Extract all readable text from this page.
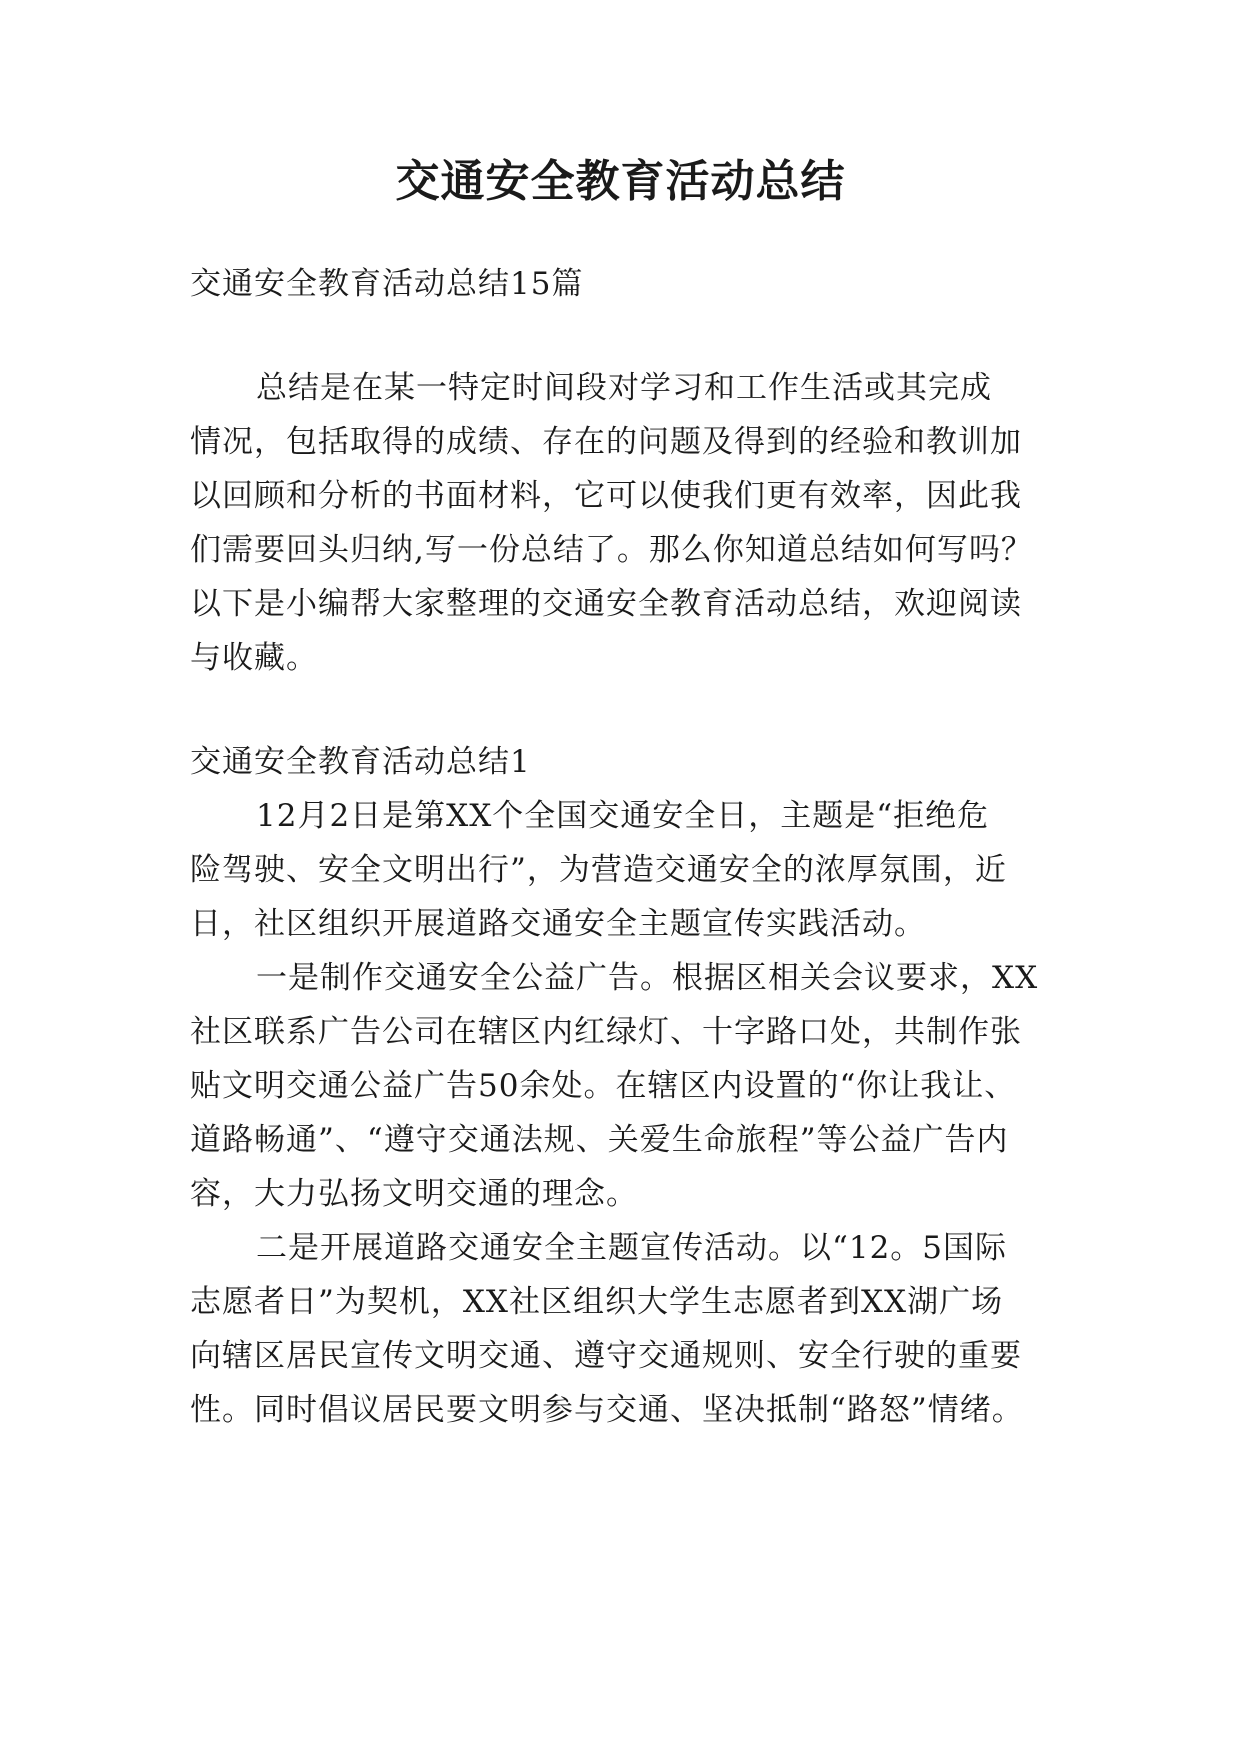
交通安全教育活动总结
交通安全教育活动总结15篇
总结是在某一特定时间段对学习和工作生活或其完成
情况，包括取得的成绩、存在的问题及得到的经验和教训加
以回顾和分析的书面材料，它可以使我们更有效率，因此我
们需要回头归纳,写一份总结了。那么你知道总结如何写吗？
以下是小编帮大家整理的交通安全教育活动总结，欢迎阅读
与收藏。
交通安全教育活动总结1
12月2日是第XX个全国交通安全日，主题是“拒绝危
险驾驶、安全文明出行”，为营造交通安全的浓厚氛围，近
日，社区组织开展道路交通安全主题宣传实践活动。
一是制作交通安全公益广告。根据区相关会议要求，XX
社区联系广告公司在辖区内红绿灯、十字路口处，共制作张
贴文明交通公益广告50余处。在辖区内设置的“你让我让、
道路畅通”、“遵守交通法规、关爱生命旅程”等公益广告内
容，大力弘扬文明交通的理念。
二是开展道路交通安全主题宣传活动。以“12。5国际
志愿者日”为契机，XX社区组织大学生志愿者到XX湖广场
向辖区居民宣传文明交通、遵守交通规则、安全行驶的重要
性。同时倡议居民要文明参与交通、坚决抵制“路怒”情绪。
